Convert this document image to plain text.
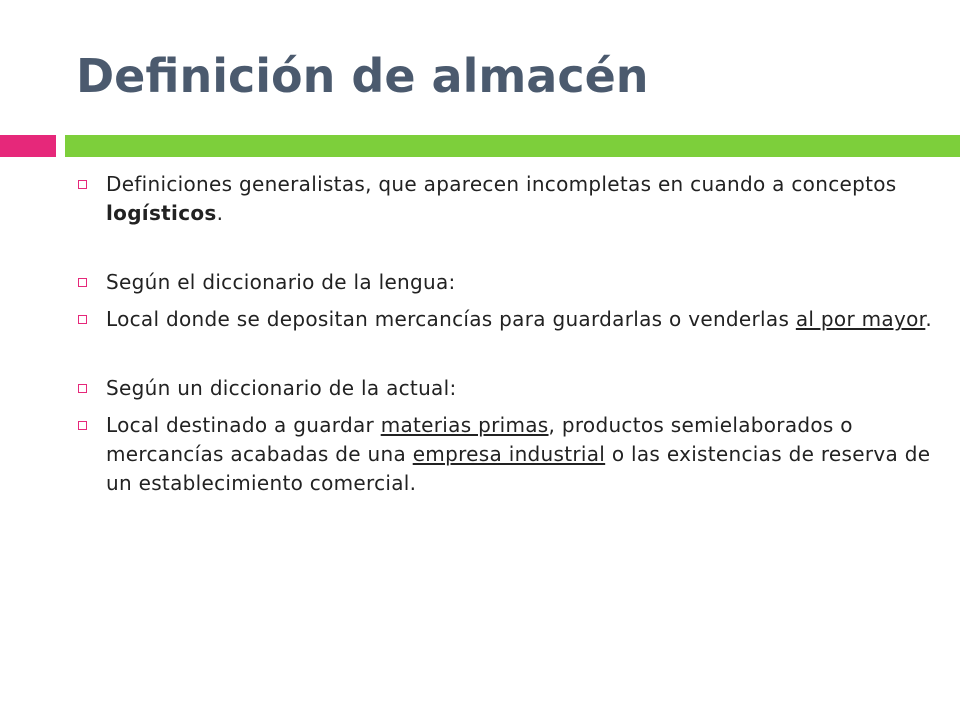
Definición de almacén
Definiciones generalistas, que aparecen incompletas en cuando a conceptos logísticos.
Según el diccionario de la lengua:
Local donde se depositan mercancías para guardarlas o venderlas al por mayor.
Según un diccionario de la actual:
Local destinado a guardar materias primas, productos semielaborados o mercancías acabadas de una empresa industrial o las existencias de reserva de un establecimiento comercial.
